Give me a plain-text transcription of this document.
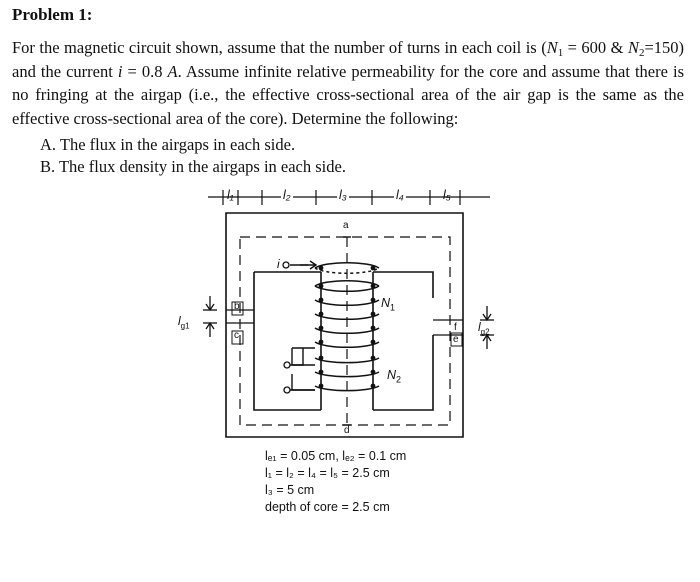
Problem 1:
For the magnetic circuit shown, assume that the number of turns in each coil is ($N_1 = 600$ & $N_2=150$) and the current i = 0.8 A. Assume infinite relative permeability for the core and assume that there is no fringing at the airgap (i.e., the effective cross-sectional area of the air gap is the same as the effective cross-sectional area of the core). Determine the following:
A. The flux in the airgaps in each side.
B. The flux density in the airgaps in each side.
l₁	l₂	l₃	l₄	l₅
a
b
c
d
e
f
i
$N_1$
$N_2$
$l_{g1}$	$l_{g2}$
lₑ₁ = 0.05 cm, lₑ₂ = 0.1 cm
l₁ = l₂ = l₄ = l₅ = 2.5 cm
l₃ = 5 cm
depth of core = 2.5 cm
